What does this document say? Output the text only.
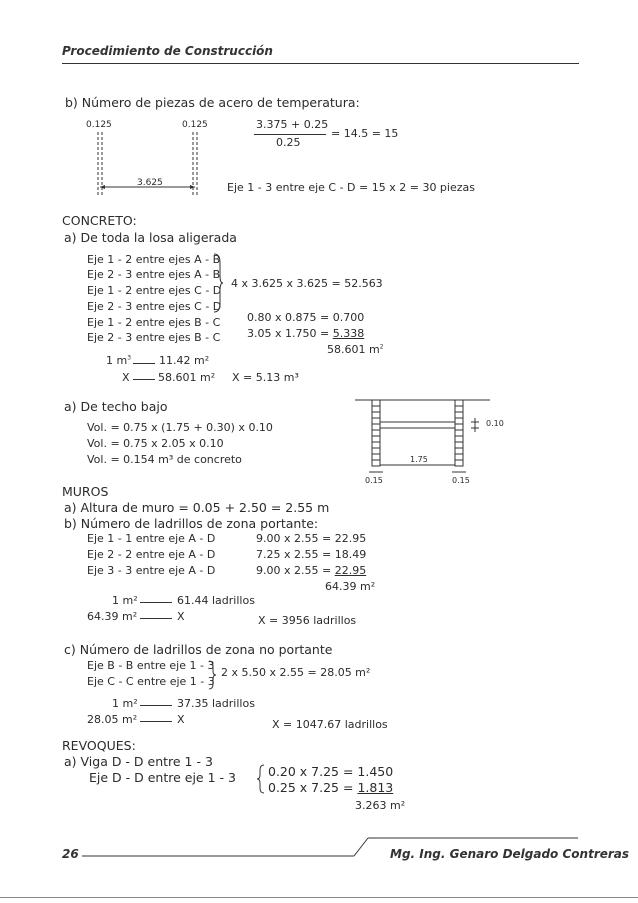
Procedimiento de Construcción
b) Número de piezas de acero de temperatura:
0.125	0.125
3.625
3.375 + 0.25
0.25
= 14.5 = 15
Eje 1 - 3 entre eje C - D = 15 x 2 = 30 piezas
CONCRETO:
a) De toda la losa aligerada
Eje 1 - 2 entre ejes A - B
Eje 2 - 3 entre ejes A - B
Eje 1 - 2 entre ejes C - D
Eje 2 - 3 entre ejes C - D
Eje 1 - 2 entre ejes B - C
Eje 2 - 3 entre ejes B - C
4 x 3.625 x 3.625 = 52.563
0.80 x 0.875 = 0.700
3.05 x 1.750 = 5.338
58.601 $m^2$
1 $m^3$	11.42 m²
X	58.601 m² X = 5.13 m³
a) De techo bajo
Vol. = 0.75 x (1.75 + 0.30) x 0.10
Vol. = 0.75 x 2.05 x 0.10
Vol. = 0.154 m³ de concreto
0.10
1.75
0.15	0.15
MUROS
a) Altura de muro = 0.05 + 2.50 = 2.55 m
b) Número de ladrillos de zona portante:
Eje 1 - 1 entre eje A - D	9.00 x 2.55 = 22.95
Eje 2 - 2 entre eje A - D	7.25 x 2.55 = 18.49
Eje 3 - 3 entre eje A - D	9.00 x 2.55 = 22.95
64.39 m²
1 m²	61.44 ladrillos
64.39 m²	X	X = 3956 ladrillos
c) Número de ladrillos de zona no portante
Eje B - B entre eje 1 - 3
Eje C - C entre eje 1 - 3
2 x 5.50 x 2.55 = 28.05 m²
1 m²	37.35 ladrillos
28.05 m²	X	X = 1047.67 ladrillos
REVOQUES:
a) Viga D - D entre 1 - 3
Eje D - D entre eje 1 - 3	0.20 x 7.25 = 1.450
0.25 x 7.25 = 1.813
3.263 m²
26	Mg. Ing. Genaro Delgado Contreras
